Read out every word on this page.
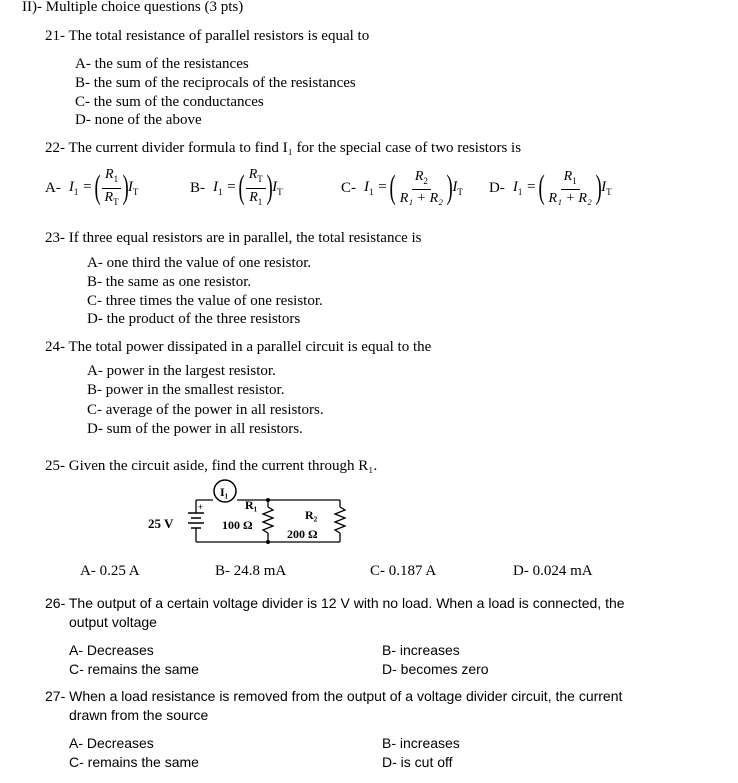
II)- Multiple choice questions (3 pts)
21- The total resistance of parallel resistors is equal to
A- the sum of the resistances
B- the sum of the reciprocals of the resistances
C- the sum of the conductances
D- none of the above
22- The current divider formula to find I₁ for the special case of two resistors is
A- $I_1$ = ( $\frac{R_1}{R_T}$ ) $I_T$	B- $I_1$ = ( $\frac{R_T}{R_1}$ ) $I_T$	C- $I_1$ = ( $\frac{R_2}{\text{R₁ + R₂}}$ ) $I_T$ D- $I_1$ = ( $\frac{R_1}{\text{R₁ + R₂}}$ ) $I_T$
23- If three equal resistors are in parallel, the total resistance is
A- one third the value of one resistor.
B- the same as one resistor.
C- three times the value of one resistor.
D- the product of the three resistors
24- The total power dissipated in a parallel circuit is equal to the
A- power in the largest resistor.
B- power in the smallest resistor.
C- average of the power in all resistors.
D- sum of the power in all resistors.
25- Given the circuit aside, find the current through R₁.
+
I₁
25 V
R₁
100 Ω
R₂
200 Ω
A- 0.25 A	B- 24.8 mA	C- 0.187 A	D- 0.024 mA
26- The output of a certain voltage divider is 12 V with no load. When a load is connected, the
output voltage
A- Decreases	B- increases
C- remains the same	D- becomes zero
27- When a load resistance is removed from the output of a voltage divider circuit, the current
drawn from the source
A- Decreases	B- increases
C- remains the same	D- is cut off
